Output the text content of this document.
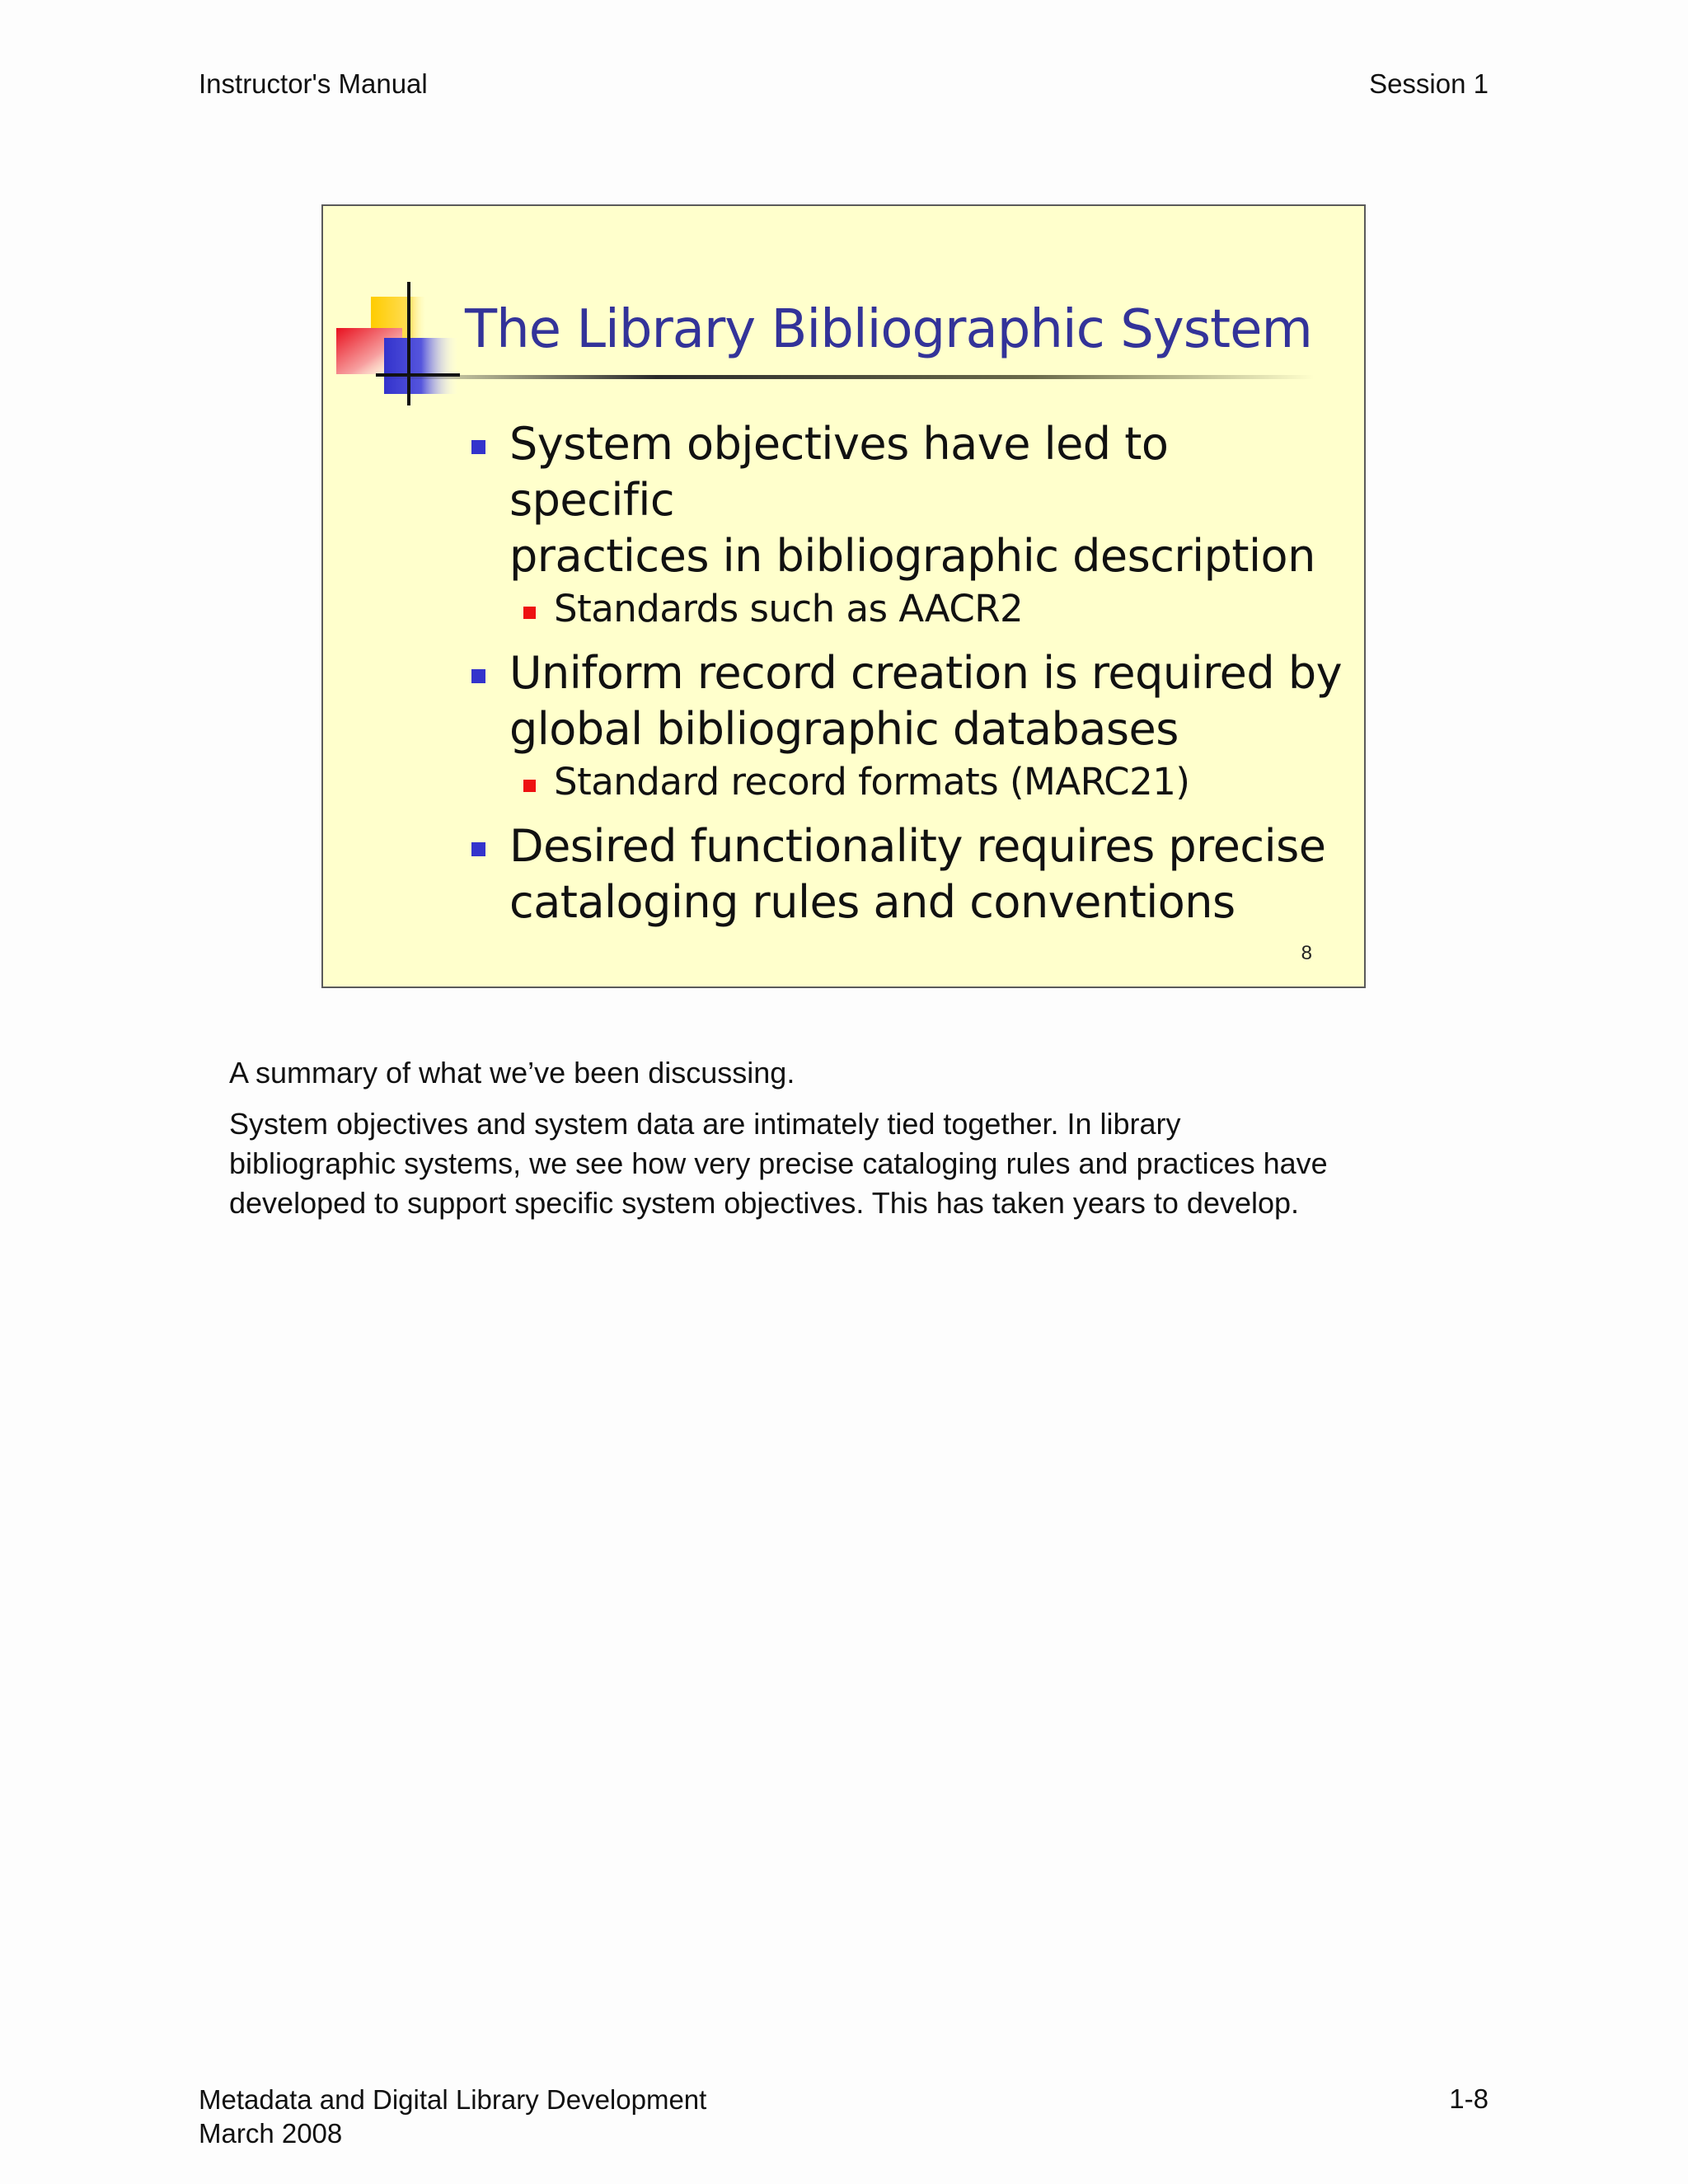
Instructor's Manual	Session 1
The Library Bibliographic System
System objectives have led to specific
practices in bibliographic description
Standards such as AACR2
Uniform record creation is required by
global bibliographic databases
Standard record formats (MARC21)
Desired functionality requires precise
cataloging rules and conventions
8

A summary of what we’ve been discussing.

System objectives and system data are intimately tied together. In library
bibliographic systems, we see how very precise cataloging rules and practices have
developed to support specific system objectives. This has taken years to develop.

Metadata and Digital Library Development
March 2008
1-8
